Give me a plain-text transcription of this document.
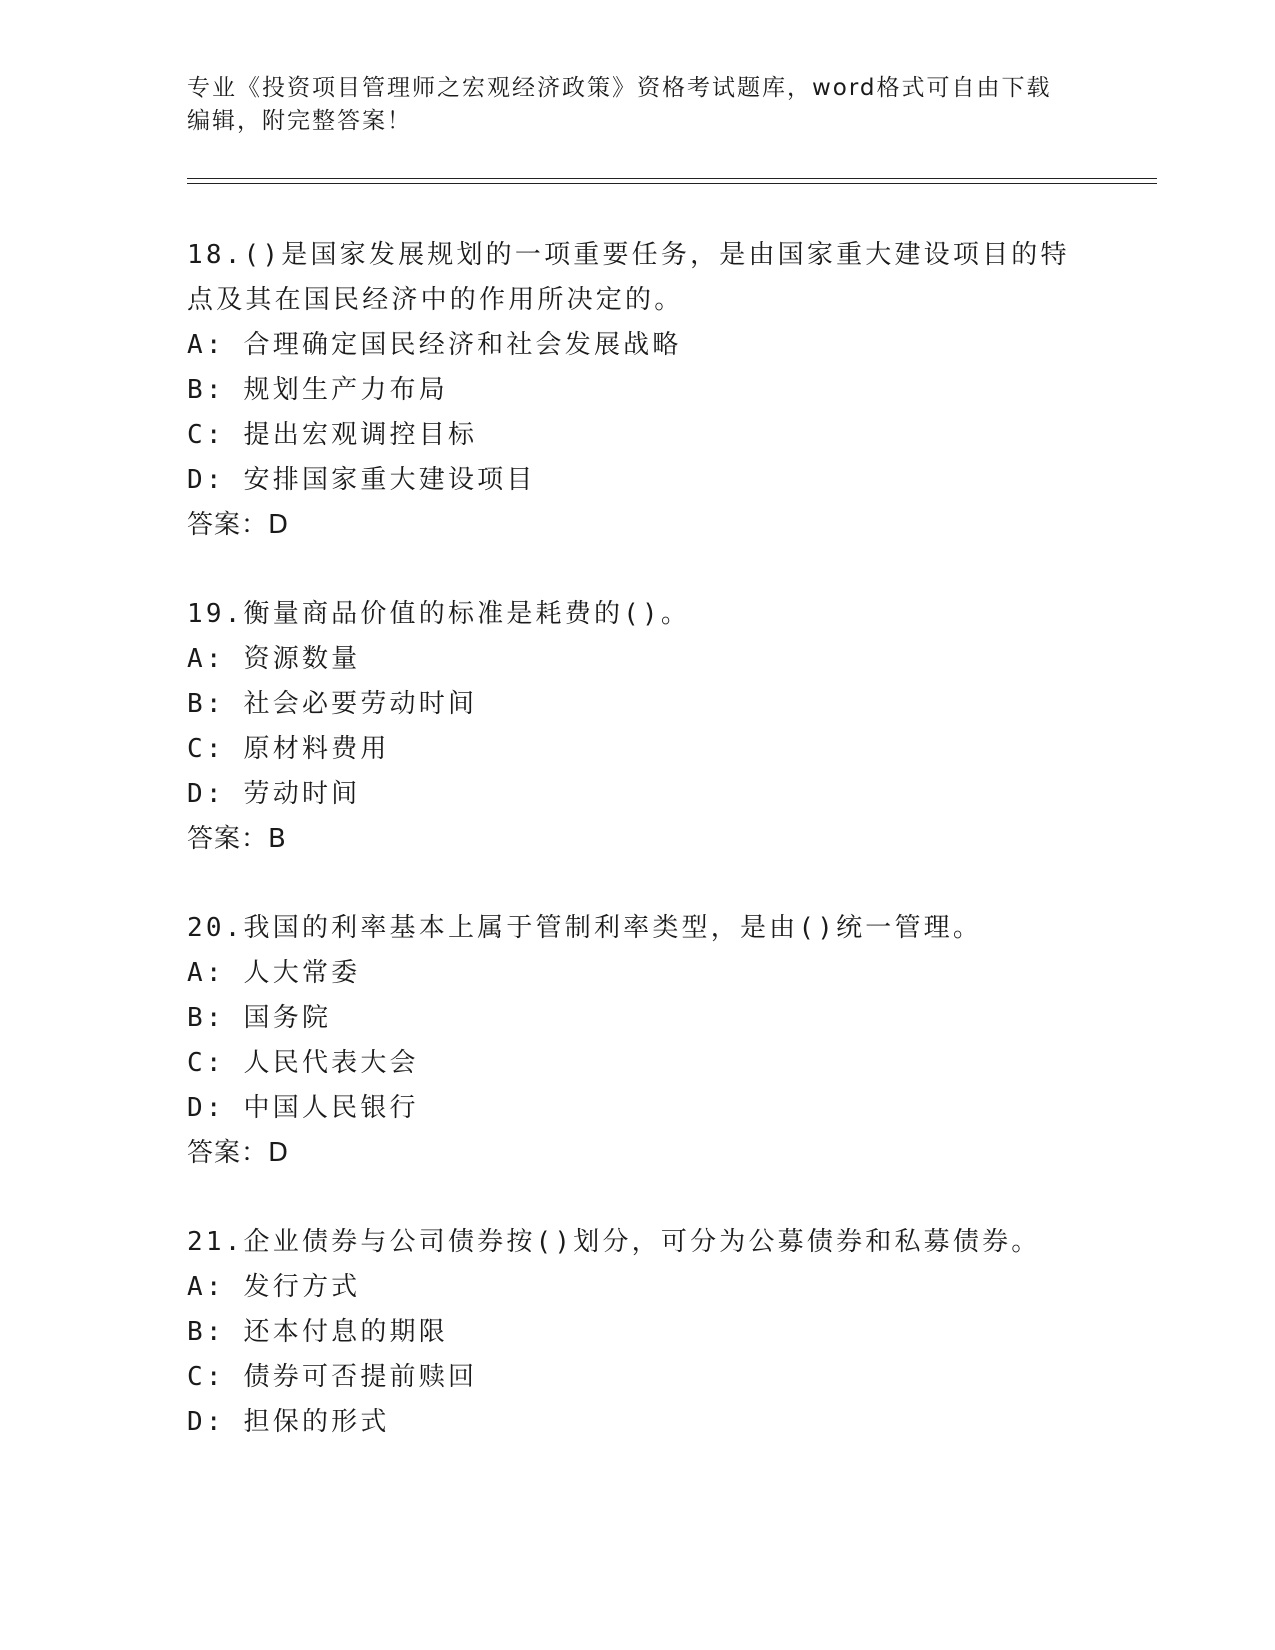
专业《投资项目管理师之宏观经济政策》资格考试题库，word格式可自由下载编辑，附完整答案！
18.()是国家发展规划的一项重要任务，是由国家重大建设项目的特点及其在国民经济中的作用所决定的。
A: 合理确定国民经济和社会发展战略
B: 规划生产力布局
C: 提出宏观调控目标
D: 安排国家重大建设项目
答案：D
19.衡量商品价值的标准是耗费的()。
A: 资源数量
B: 社会必要劳动时间
C: 原材料费用
D: 劳动时间
答案：B
20.我国的利率基本上属于管制利率类型，是由()统一管理。
A: 人大常委
B: 国务院
C: 人民代表大会
D: 中国人民银行
答案：D
21.企业债券与公司债券按()划分，可分为公募债券和私募债券。
A: 发行方式
B: 还本付息的期限
C: 债券可否提前赎回
D: 担保的形式
